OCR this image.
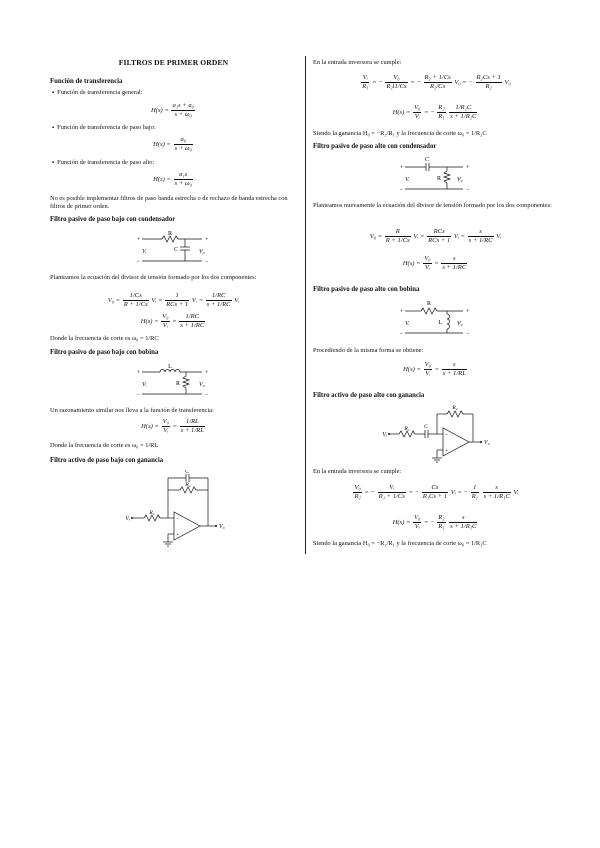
FILTROS DE PRIMER ORDEN

Función de transferencia

▪ Función de transferencia general:

$H(s) = \frac{\text{a₁s + a₀}}{\text{s + ω₀}}$

▪ Función de transferencia de paso bajo:

$H(s) = \frac{\text{a₀}}{\text{s + ω₀}}$

▪ Función de transferencia de paso alto:

$H(s) = \frac{\text{a₁s}}{\text{s + ω₀}}$

No es posible implementar filtros de paso banda estrecha o de rechazo de banda estrecha con filtros de primer orden.

Filtro pasivo de paso bajo con condensador

+	+
−	−
R
C
Vᵢ	V₀

Planteamos la ecuación del divisor de tensión formado por los dos componentes:

$V_0 = \frac{1/Cs}{R + 1/Cs}$ Vᵢ =
1
RCs + 1
Vᵢ = $\frac{1/RC}{s + 1/RC}$ Vᵢ

$H(s) = \frac{\text{V₀}}{\text{Vᵢ}} = \frac{1/RC}{s + 1/RC}$

Donde la frecuencia de corte es ω₀ = 1/RC

Filtro pasivo de paso bajo con bobina

+	+
−	−
L
R
Vᵢ	V₀

Un razonamiento similar nos lleva a la función de transferencia:

$H(s) = \frac{\text{V₀}}{\text{Vᵢ}} = \frac{1/RL}{s + 1/RL}$

Donde la frecuencia de corte es ω₀ = 1/RL

Filtro activo de paso bajo con ganancia

Vᵢ
V₀
R₁
R₂
C
−
+

En la entrada inversora se cumple:

$\frac{\text{Vᵢ}}{\text{R₁}}$ = − $\frac{\text{V₀}}{\text{R₂‖1/Cs}}$ = − $\frac{\text{R₂ + 1/Cs}}{\text{R₂/Cs}} V_0$ = − $\frac{\text{R₂Cs + 1}}{\text{R₂}} V_0$

$H(s) = \frac{\text{V₀}}{\text{Vᵢ}}$ = − $\frac{\text{R₂}}{\text{R₁}}$
$\frac{\text{1/R₂C}}{\text{s + 1/R₂C}}$

Siendo la ganancia H₀ = −R₂/R₁ y la frecuencia de corte ω₀ = 1/R₂C

Filtro pasivo de paso alto con condensador

+	+
−	−
C
R
Vᵢ	V₀

Planteamos nuevamente la ecuación del divisor de tensión formado por los dos componentes:

$V_0 = \frac{R}{R + 1/Cs}$ Vᵢ =
RCs
RCs + 1
Vᵢ = $\frac{s}{s + 1/RC}$ Vᵢ

$H(s) = \frac{\text{V₀}}{\text{Vᵢ}} = \frac{s}{s + 1/RC}$

Filtro pasivo de paso alto con bobina

+	+
−	−
R
L
Vᵢ	V₀

Procediendo de la misma forma se obtiene:

$H(s) = \frac{\text{V₀}}{\text{Vᵢ}} = \frac{s}{s + 1/RL}$

Filtro activo de paso alto con ganancia

Vᵢ
V₀
R₁
R₂
C
−
+

En la entrada inversora se cumple:

$\frac{\text{V₀}}{\text{R₂}}$ = − $\frac{\text{Vᵢ}}{\text{R₁ + 1/Cs}}$ = − $\frac{Cs}{\text{R₁Cs + 1}}$ Vᵢ = − $\frac{1}{\text{R₁}}$
$\frac{s}{\text{s + 1/R₁C}}$ Vᵢ

$H(s) = \frac{\text{V₀}}{\text{Vᵢ}}$ = − $\frac{\text{R₂}}{\text{R₁}}$
$\frac{s}{\text{s + 1/R₁C}}$

Siendo la ganancia H₀ = −R₂/R₁ y la frecuencia de corte ω₀ = 1/R₁C
